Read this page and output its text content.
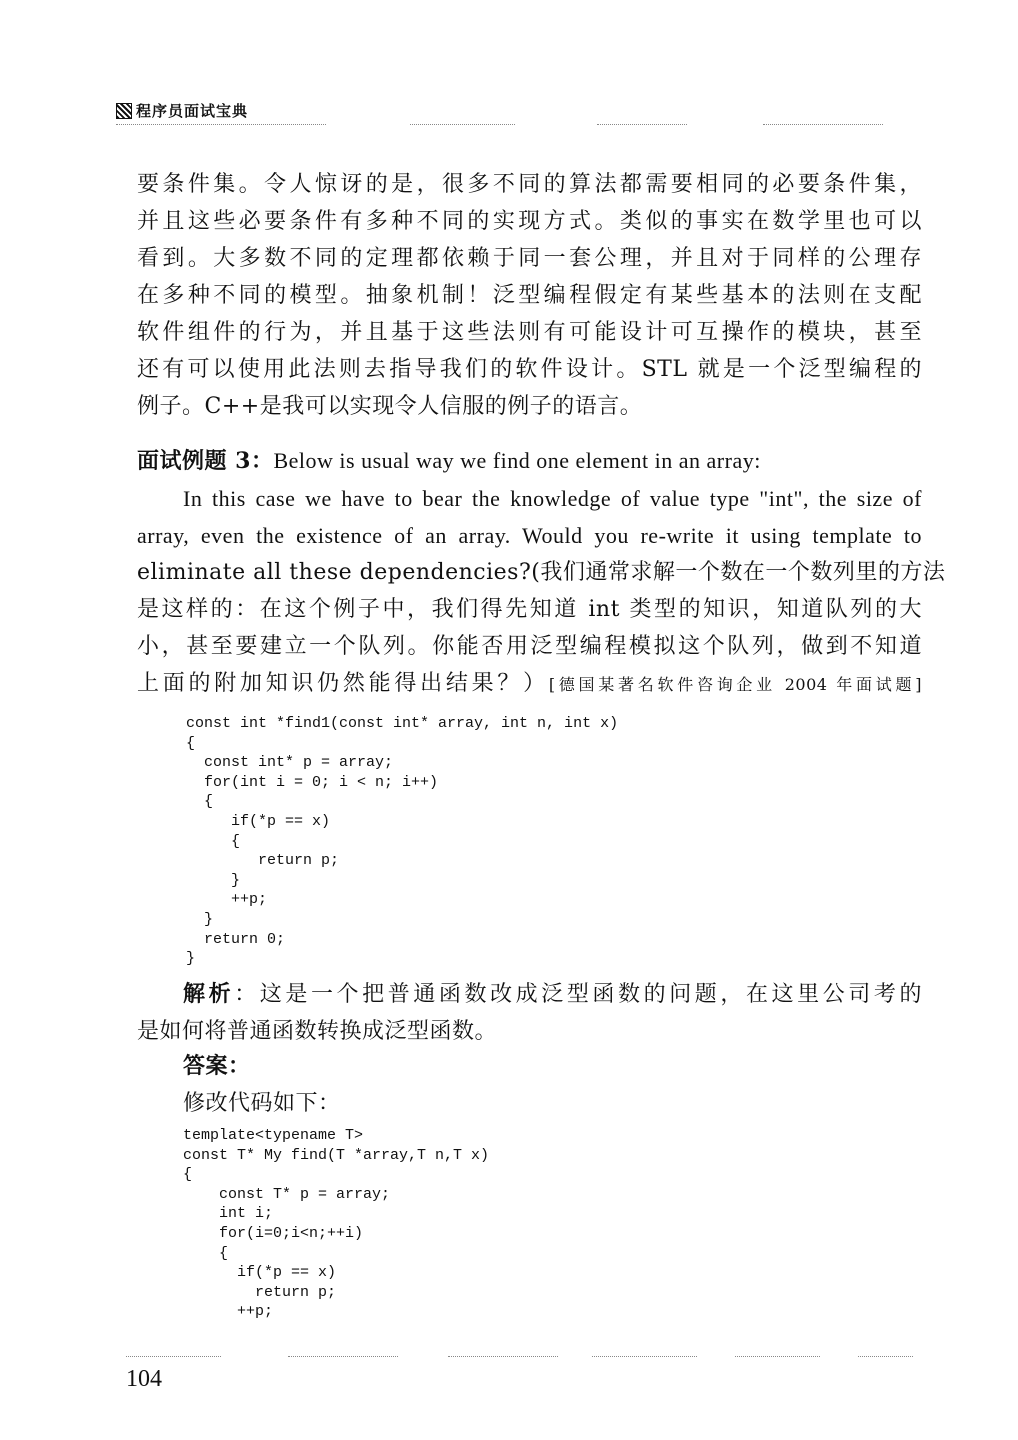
程序员面试宝典
要条件集。令人惊讶的是，很多不同的算法都需要相同的必要条件集，
并且这些必要条件有多种不同的实现方式。类似的事实在数学里也可以
看到。大多数不同的定理都依赖于同一套公理，并且对于同样的公理存
在多种不同的模型。抽象机制！泛型编程假定有某些基本的法则在支配
软件组件的行为，并且基于这些法则有可能设计可互操作的模块，甚至
还有可以使用此法则去指导我们的软件设计。STL 就是一个泛型编程的
例子。C++是我可以实现令人信服的例子的语言。
面试例题 3：Below is usual way we find one element in an array:
In this case we have to bear the knowledge of value type "int", the size of
array, even the existence of an array. Would you re-write it using template to
eliminate all these dependencies?(我们通常求解一个数在一个数列里的方法
是这样的：在这个例子中，我们得先知道 int 类型的知识，知道队列的大
小，甚至要建立一个队列。你能否用泛型编程模拟这个队列，做到不知道
上面的附加知识仍然能得出结果？）[德国某著名软件咨询企业 2004 年面试题]
const int *find1(const int* array, int n, int x)
{
const int* p = array;
for(int i = 0; i < n; i++)
{
if(*p == x)
{
return p;
}
++p;
}
return 0;
}
解析：这是一个把普通函数改成泛型函数的问题，在这里公司考的
是如何将普通函数转换成泛型函数。
答案：
修改代码如下：
template<typename T>
const T* My find(T *array,T n,T x)
{
const T* p = array;
int i;
for(i=0;i<n;++i)
{
if(*p == x)
return p;
++p;
104
